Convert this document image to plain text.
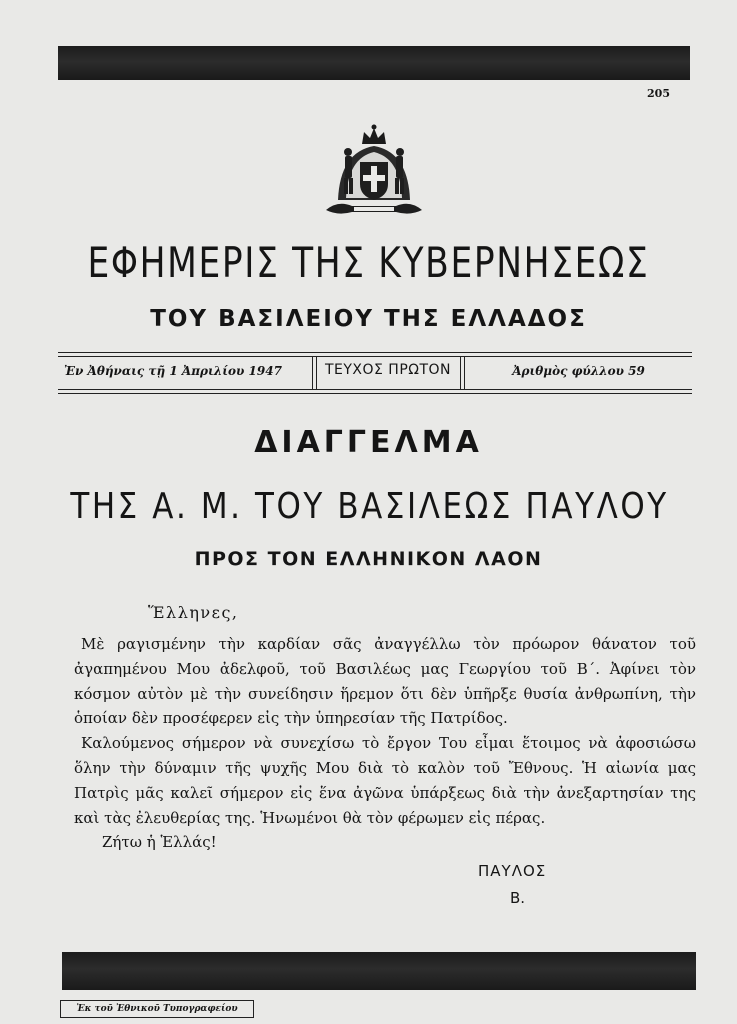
205
ΕΦΗΜΕΡΙΣ ΤΗΣ ΚΥΒΕΡΝΗΣΕΩΣ
ΤΟΥ ΒΑΣΙΛΕΙΟΥ ΤΗΣ ΕΛΛΑΔΟΣ
Ἐν Ἀθήναις τῇ 1 Ἀπριλίου 1947	ΤΕΥΧΟΣ ΠΡΩΤΟΝ	Ἀριθμὸς φύλλου 59
ΔΙΑΓΓΕΛΜΑ
ΤΗΣ Α. Μ. ΤΟΥ ΒΑΣΙΛΕΩΣ ΠΑΥΛΟΥ
ΠΡΟΣ ΤΟΝ ΕΛΛΗΝΙΚΟΝ ΛΑΟΝ
Ἕλληνες,

Μὲ ραγισμένην τὴν καρδίαν σᾶς ἀναγγέλλω τὸν πρόωρον θάνατον τοῦ ἀγαπημένου Μου ἀδελφοῦ, τοῦ Βασιλέως μας Γεωργίου τοῦ Β΄. Ἀφίνει τὸν κόσμον αὐτὸν μὲ τὴν συνείδησιν ἥρεμον ὅτι δὲν ὑπῆρξε θυσία ἀνθρωπίνη, τὴν ὁποίαν δὲν προσέφερεν εἰς τὴν ὑπηρεσίαν τῆς Πατρίδος.

Καλούμενος σήμερον νὰ συνεχίσω τὸ ἔργον Του εἶμαι ἕτοιμος νὰ ἀφοσιώσω ὅλην τὴν δύναμιν τῆς ψυχῆς Μου διὰ τὸ καλὸν τοῦ Ἔθνους. Ἡ αἰωνία μας Πατρὶς μᾶς καλεῖ σήμερον εἰς ἕνα ἀγῶνα ὑπάρξεως διὰ τὴν ἀνεξαρτησίαν της καὶ τὰς ἐλευθερίας της. Ἡνωμένοι θὰ τὸν φέρωμεν εἰς πέρας.

Ζήτω ἡ Ἑλλάς!
ΠΑΥΛΟΣ
Β.
Ἐκ τοῦ Ἐθνικοῦ Τυπογραφείου
